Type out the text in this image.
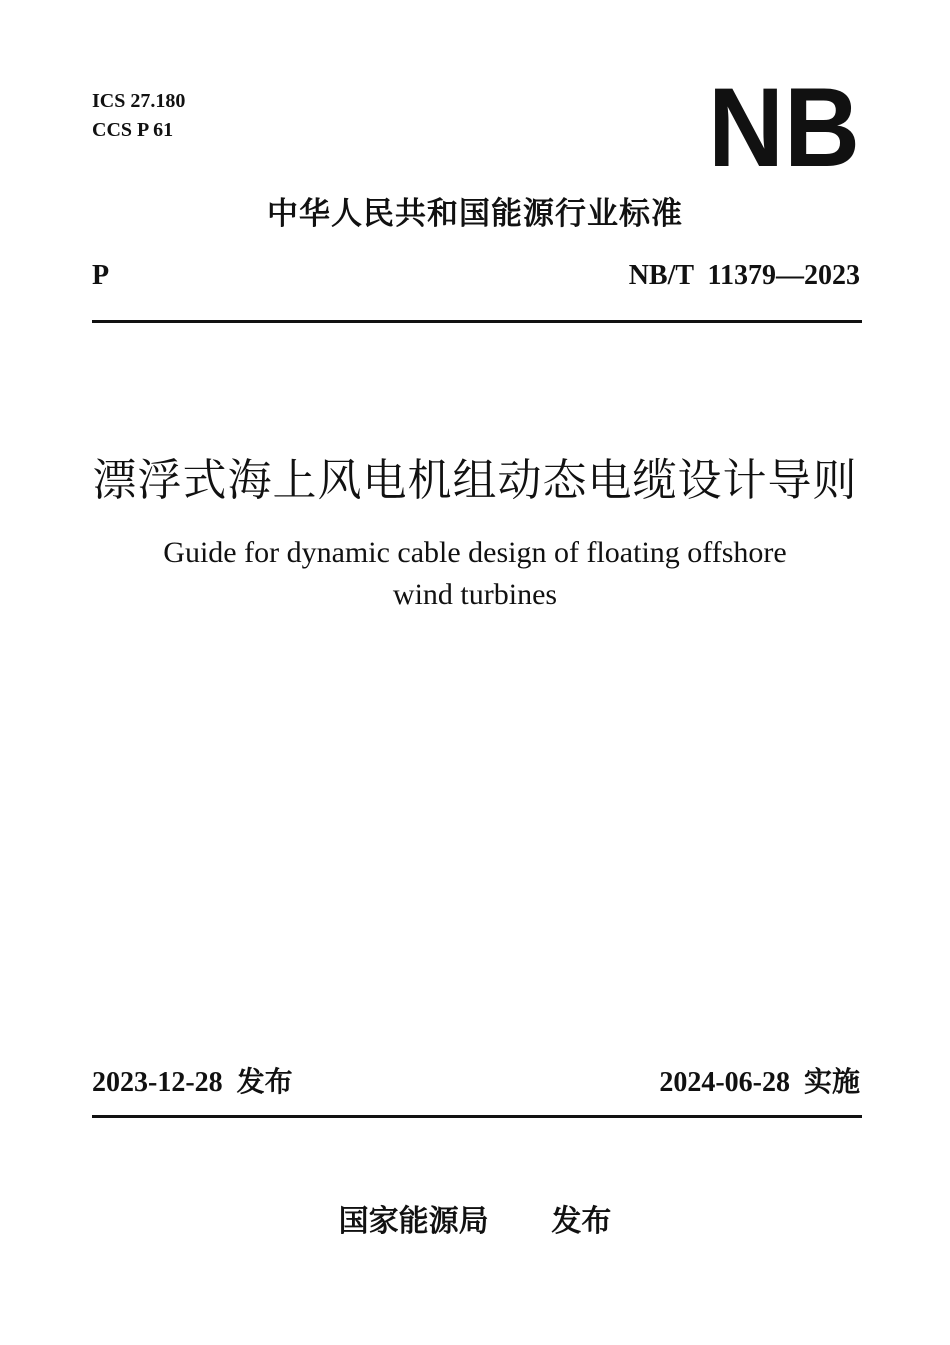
ICS 27.180
CCS P 61	NB
中华人民共和国能源行业标准
P	NB/T  11379—2023
漂浮式海上风电机组动态电缆设计导则
Guide for dynamic cable design of floating offshore
wind turbines
2023-12-28  发布	2024-06-28  实施
国家能源局      发布
